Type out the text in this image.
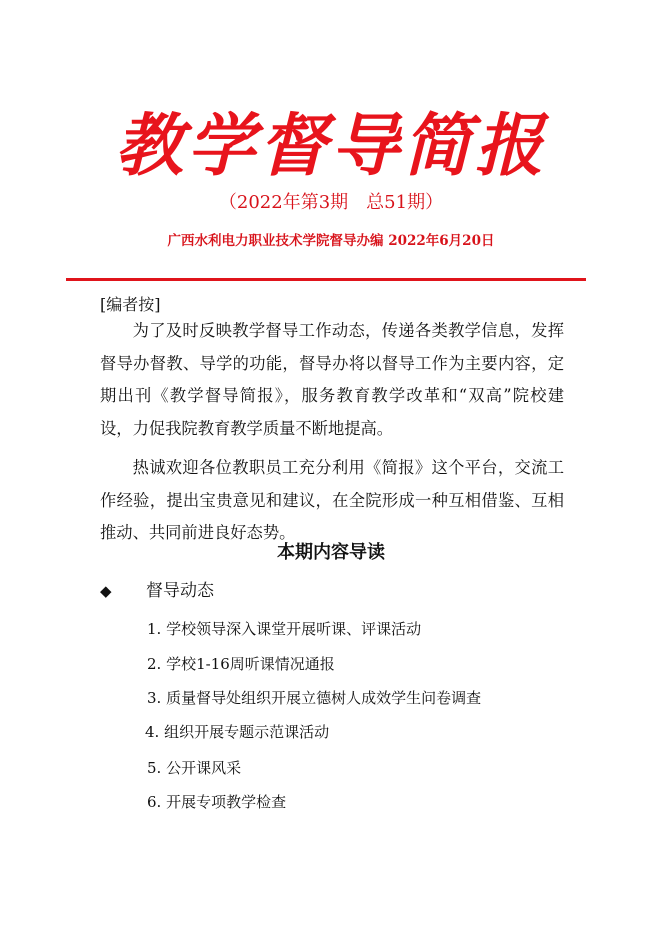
教学督导简报
（2022年第3期　总51期）
广西水利电力职业技术学院督导办编 2022年6月20日
[编者按]
为了及时反映教学督导工作动态，传递各类教学信息，发挥督导办督教、导学的功能，督导办将以督导工作为主要内容，定期出刊《教学督导简报》，服务教育教学改革和“双高”院校建设，力促我院教育教学质量不断地提高。
热诚欢迎各位教职员工充分利用《简报》这个平台，交流工作经验，提出宝贵意见和建议，在全院形成一种互相借鉴、互相推动、共同前进良好态势。
本期内容导读
◆ 督导动态
1. 学校领导深入课堂开展听课、评课活动
2. 学校1-16周听课情况通报
3. 质量督导处组织开展立德树人成效学生问卷调查
4. 组织开展专题示范课活动
5. 公开课风采
6. 开展专项教学检查
